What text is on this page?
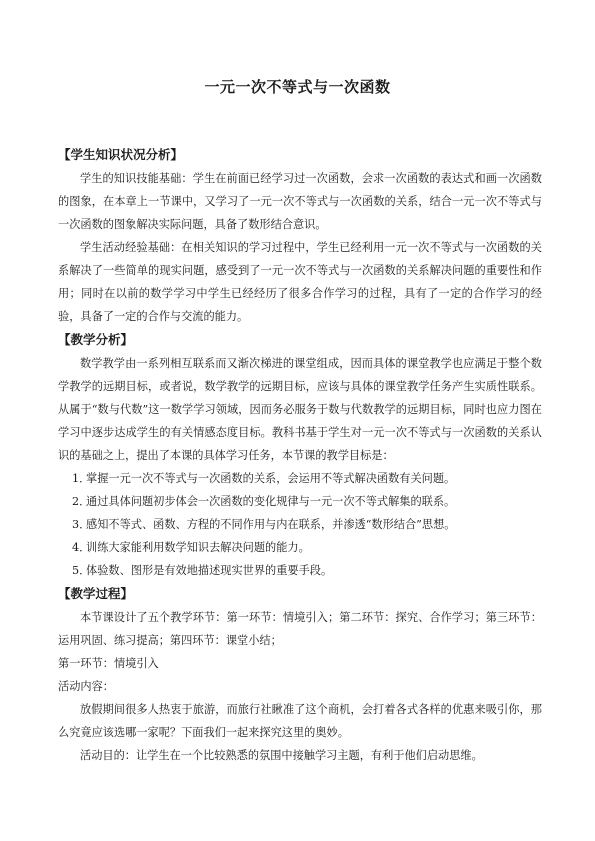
一元一次不等式与一次函数

【学生知识状况分析】

学生的知识技能基础：学生在前面已经学习过一次函数，会求一次函数的表达式和画一次函数的图象，在本章上一节课中，又学习了一元一次不等式与一次函数的关系，结合一元一次不等式与一次函数的图象解决实际问题，具备了数形结合意识。

学生活动经验基础：在相关知识的学习过程中，学生已经利用一元一次不等式与一次函数的关系解决了一些简单的现实问题，感受到了一元一次不等式与一次函数的关系解决问题的重要性和作用；同时在以前的数学学习中学生已经经历了很多合作学习的过程，具有了一定的合作学习的经验，具备了一定的合作与交流的能力。

【教学分析】

数学教学由一系列相互联系而又渐次梯进的课堂组成，因而具体的课堂教学也应满足于整个数学教学的远期目标，或者说，数学教学的远期目标，应该与具体的课堂教学任务产生实质性联系。从属于“数与代数”这一数学学习领域，因而务必服务于数与代数教学的远期目标，同时也应力图在学习中逐步达成学生的有关情感态度目标。教科书基于学生对一元一次不等式与一次函数的关系认识的基础之上，提出了本课的具体学习任务，本节课的教学目标是：

1．掌握一元一次不等式与一次函数的关系，会运用不等式解决函数有关问题。

2．通过具体问题初步体会一次函数的变化规律与一元一次不等式解集的联系。

3．感知不等式、函数、方程的不同作用与内在联系，并渗透“数形结合”思想。

4．训练大家能利用数学知识去解决问题的能力。

5．体验数、图形是有效地描述现实世界的重要手段。

【教学过程】

本节课设计了五个教学环节：第一环节：情境引入；第二环节：探究、合作学习；第三环节：运用巩固、练习提高；第四环节：课堂小结；

第一环节：情境引入

活动内容：

放假期间很多人热衷于旅游，而旅行社瞅准了这个商机，会打着各式各样的优惠来吸引你，那么究竟应该选哪一家呢？下面我们一起来探究这里的奥妙。

活动目的：让学生在一个比较熟悉的氛围中接触学习主题，有利于他们启动思维。
